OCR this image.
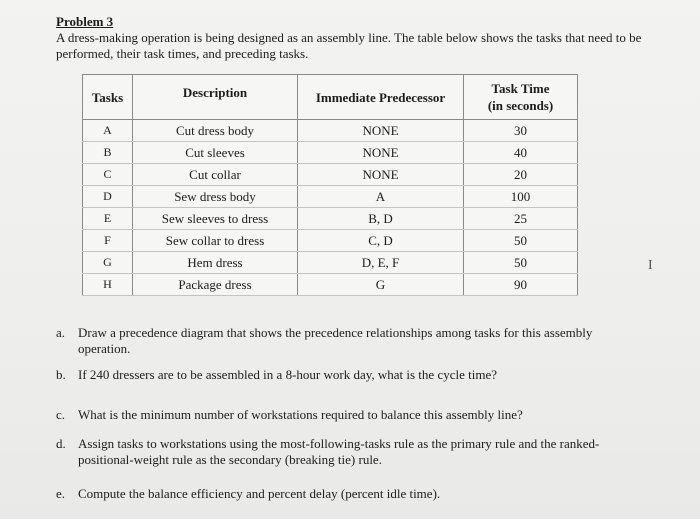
Problem 3
A dress-making operation is being designed as an assembly line. The table below shows the tasks that need to be performed, their task times, and preceding tasks.
Tasks	Description	Immediate Predecessor	Task Time
(in seconds)
A	Cut dress body	NONE	30
B	Cut sleeves	NONE	40
C	Cut collar	NONE	20
D	Sew dress body	A	100
E	Sew sleeves to dress	B, D	25
F	Sew collar to dress	C, D	50
G	Hem dress	D, E, F	50
H	Package dress	G	90
a. Draw a precedence diagram that shows the precedence relationships among tasks for this assembly operation.
b. If 240 dressers are to be assembled in a 8-hour work day, what is the cycle time?
c. What is the minimum number of workstations required to balance this assembly line?
d. Assign tasks to workstations using the most-following-tasks rule as the primary rule and the ranked-positional-weight rule as the secondary (breaking tie) rule.
e. Compute the balance efficiency and percent delay (percent idle time).
I
